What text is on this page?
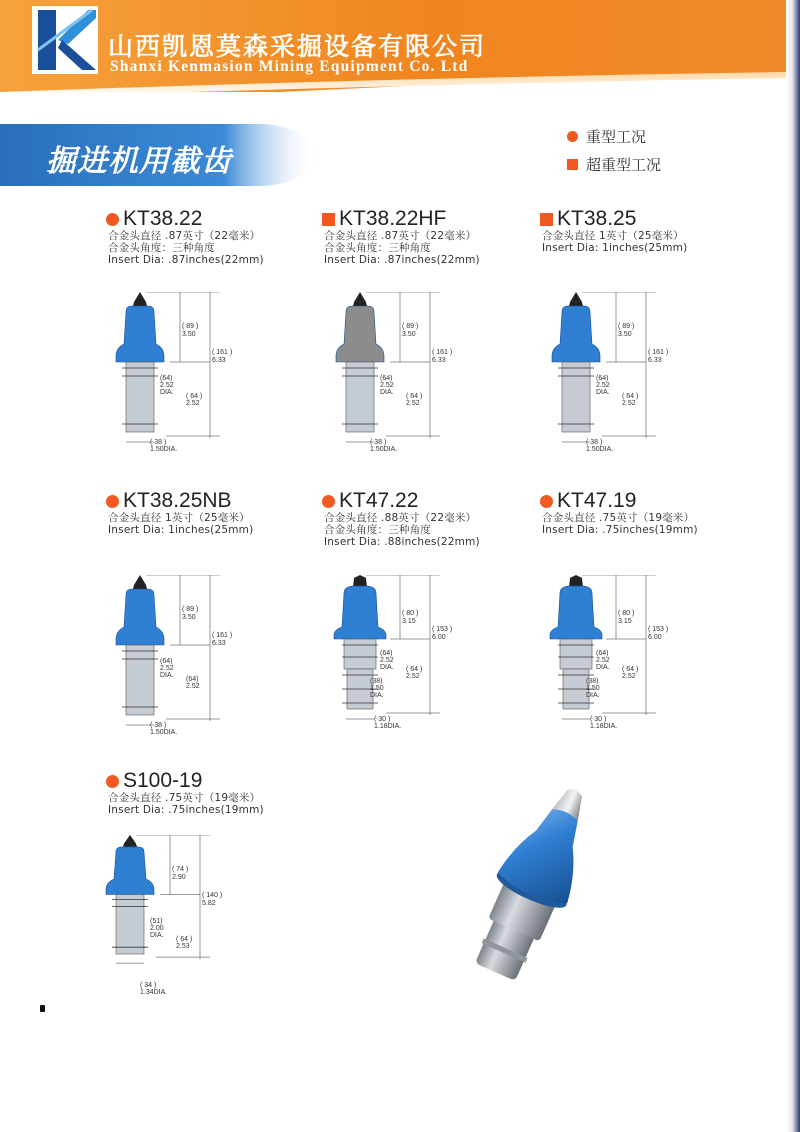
山西凯恩莫森采掘设备有限公司
Shanxi Kenmasion Mining Equipment Co. Ltd
掘进机用截齿
重型工况
超重型工况
KT38.22
合金头直径 .87英寸（22毫米）
合金头角度：三种角度
Insert Dia: .87inches(22mm)
( 89 )
3.50
( 161 )
6.33
(64)
2.52
DIA.
( 64 )
2.52
( 38 )
1.50DIA.
KT38.22HF
合金头直径 .87英寸（22毫米）
合金头角度：三种角度
Insert Dia: .87inches(22mm)
( 89 )
3.50
( 161 )
6.33
(64)
2.52
DIA.
( 64 )
2.52
( 38 )
1.50DIA.
KT38.25
合金头直径 1英寸（25毫米）
Insert Dia: 1inches(25mm)
( 89 )
3.50
( 161 )
6.33
(64)
2.52
DIA.
( 64 )
2.52
( 38 )
1.50DIA.
KT38.25NB
合金头直径 1英寸（25毫米）
Insert Dia: 1inches(25mm)
( 89 )
3.50
( 161 )
6.33
(64)
2.52
DIA.
(64)
2.52
( 38 )
1.50DIA.
KT47.22
合金头直径 .88英寸（22毫米）
合金头角度：三种角度
Insert Dia: .88inches(22mm)
( 80 )
3.15
( 153 )
6.00
(64)
2.52
DIA. ( 64 )
2.52
(38)
1.50
DIA.
( 30 )
1.18DIA.
KT47.19
合金头直径 .75英寸（19毫米）
Insert Dia: .75inches(19mm)
( 80 )
3.15
( 153 )
6.00
(64)
2.52
DIA. ( 64 )
2.52
(38)
1.50
DIA.
( 30 )
1.18DIA.
S100-19
合金头直径 .75英寸（19毫米）
Insert Dia: .75inches(19mm)
( 74 )
2.90
( 140 )
5.82
(51)
2.00
DIA.
( 64 )
2.53
( 34 )
1.34DIA.
